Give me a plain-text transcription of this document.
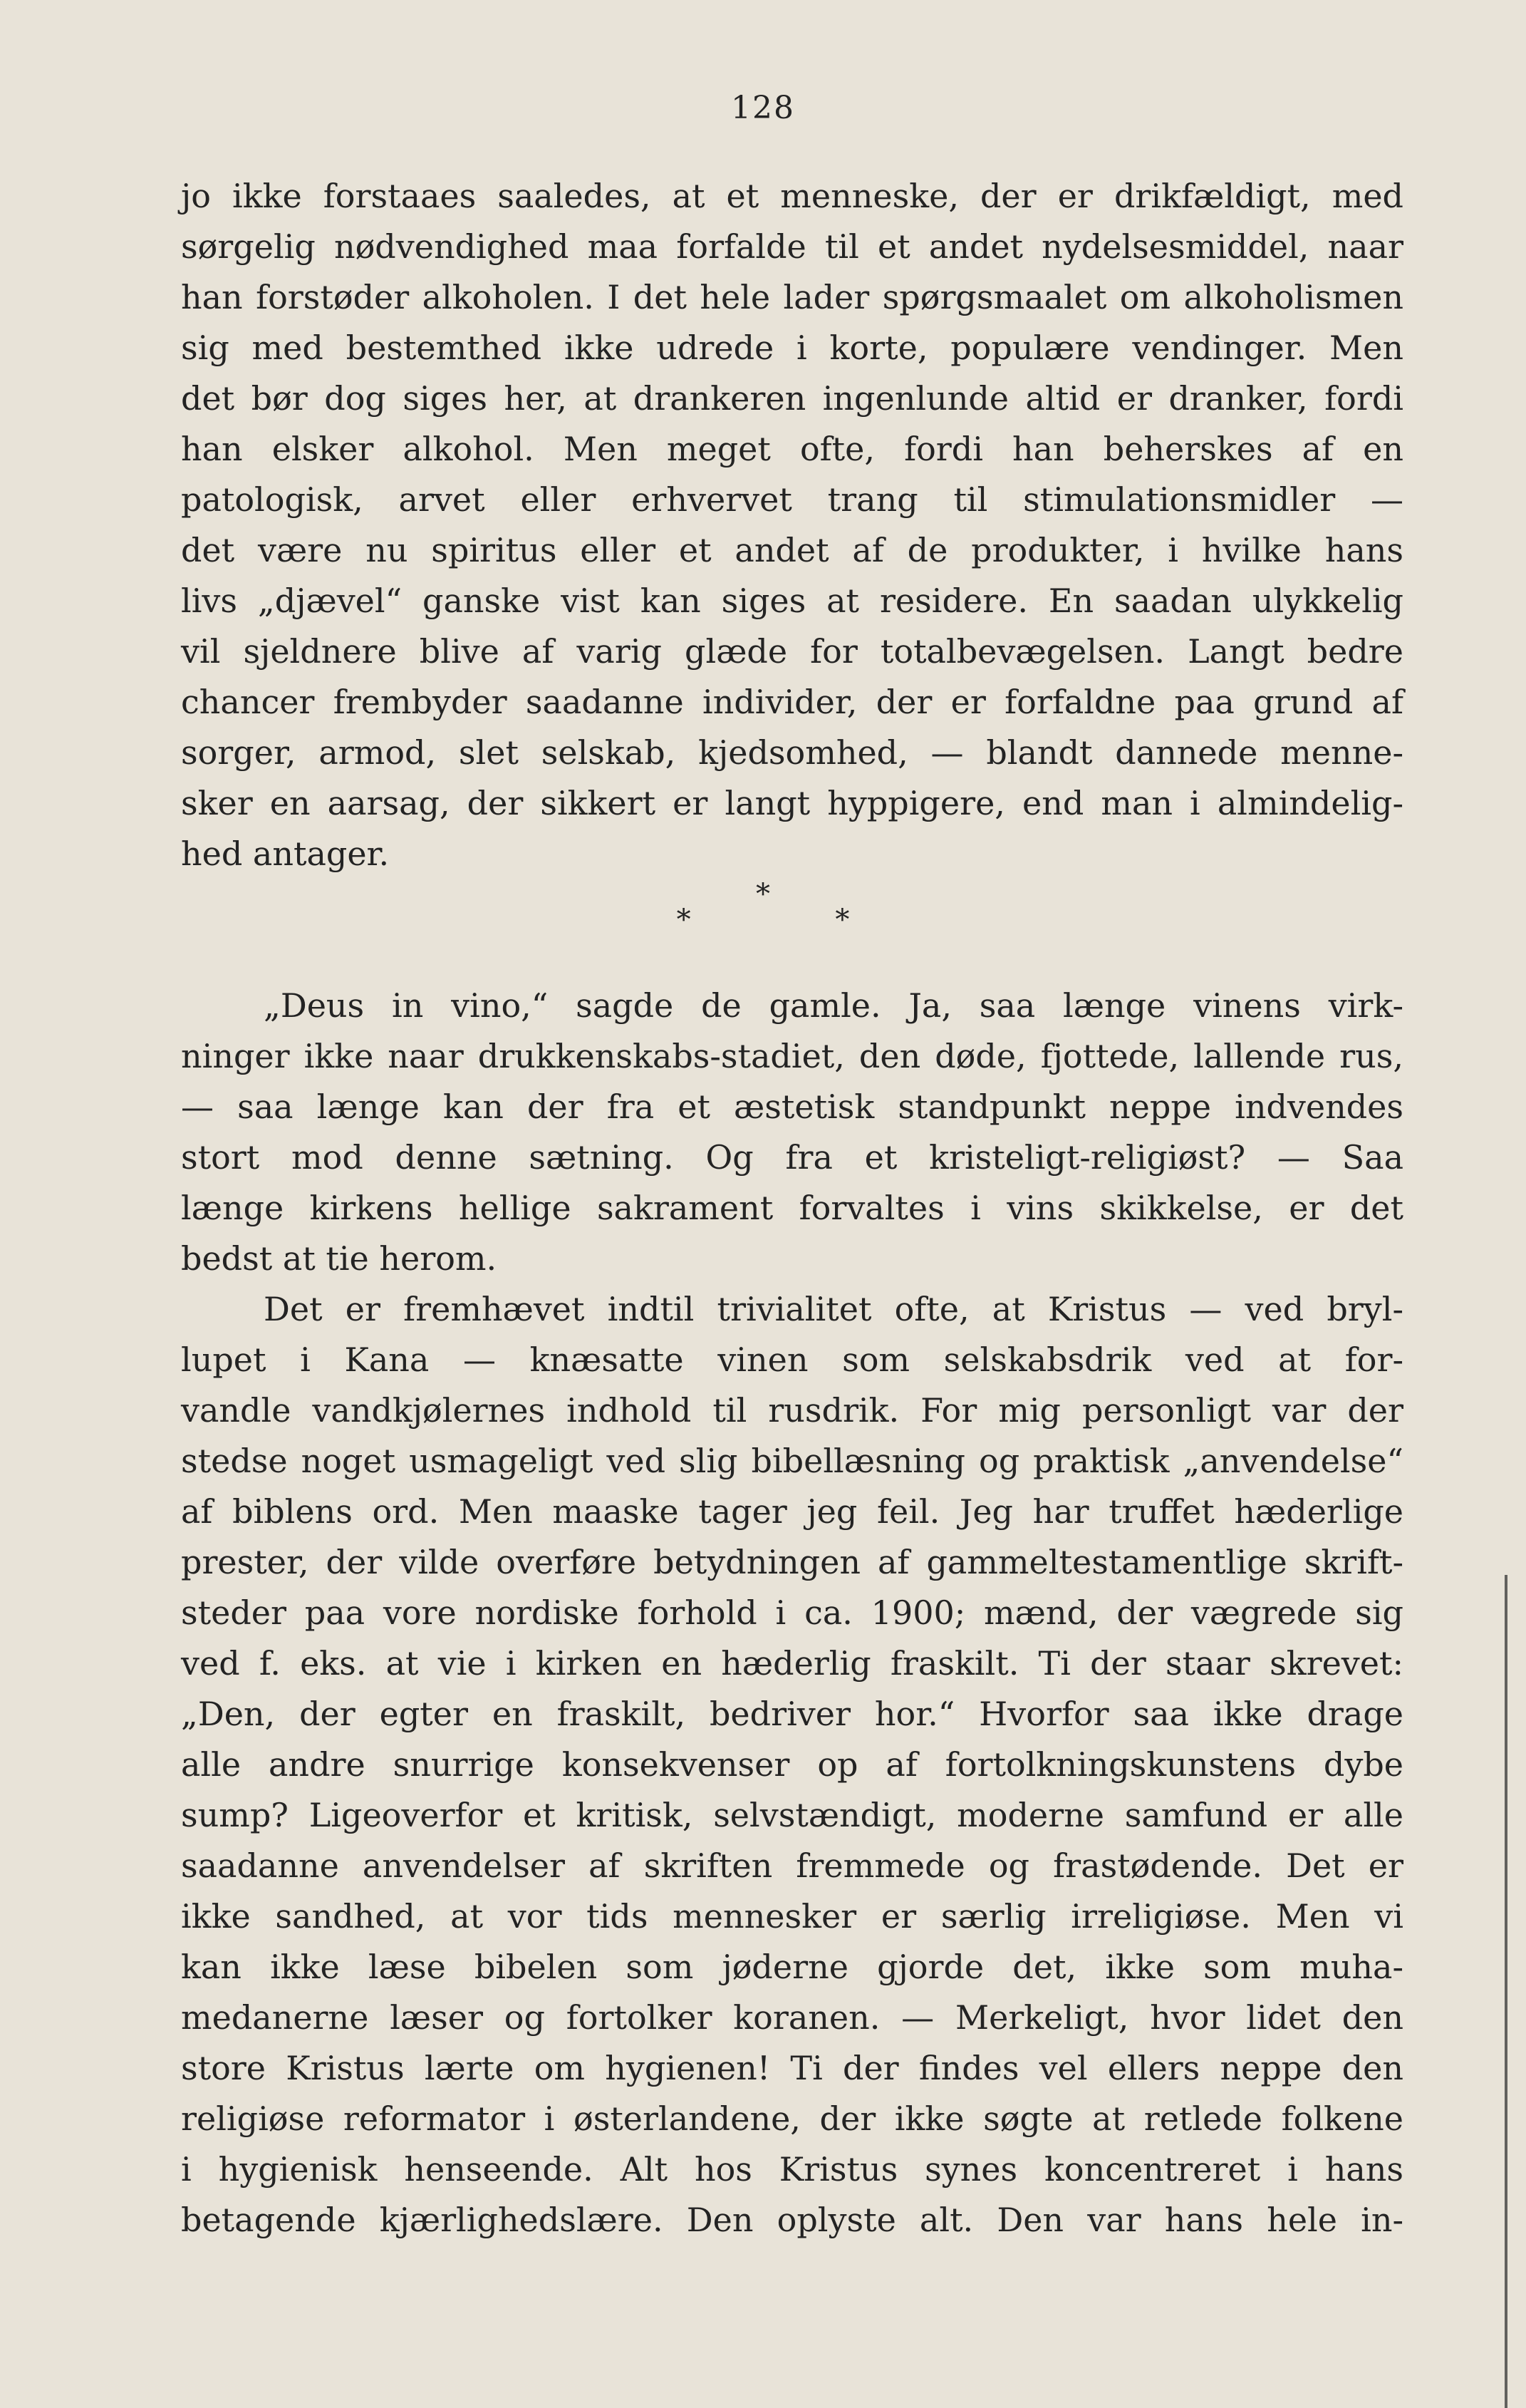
128
jo ikke forstaaes saaledes, at et menneske, der er drikfældigt, med
sørgelig nødvendighed maa forfalde til et andet nydelsesmiddel, naar
han forstøder alkoholen. I det hele lader spørgsmaalet om alkoholismen
sig med bestemthed ikke udrede i korte, populære vendinger. Men
det bør dog siges her, at drankeren ingenlunde altid er dranker, fordi
han elsker alkohol. Men meget ofte, fordi han beherskes af en
patologisk, arvet eller erhvervet trang til stimulationsmidler —
det være nu spiritus eller et andet af de produkter, i hvilke hans
livs „djævel“ ganske vist kan siges at residere. En saadan ulykkelig
vil sjeldnere blive af varig glæde for totalbevægelsen. Langt bedre
chancer frembyder saadanne individer, der er forfaldne paa grund af
sorger, armod, slet selskab, kjedsomhed, — blandt dannede menne-
sker en aarsag, der sikkert er langt hyppigere, end man i almindelig-
hed antager.
*
*	*
„Deus in vino,“ sagde de gamle. Ja, saa længe vinens virk-
ninger ikke naar drukkenskabs-stadiet, den døde, fjottede, lallende rus,
— saa længe kan der fra et æstetisk standpunkt neppe indvendes
stort mod denne sætning. Og fra et kristeligt-religiøst? — Saa
længe kirkens hellige sakrament forvaltes i vins skikkelse, er det
bedst at tie herom.
Det er fremhævet indtil trivialitet ofte, at Kristus — ved bryl-
lupet i Kana — knæsatte vinen som selskabsdrik ved at for-
vandle vandkjølernes indhold til rusdrik. For mig personligt var der
stedse noget usmageligt ved slig bibellæsning og praktisk „anvendelse“
af biblens ord. Men maaske tager jeg feil. Jeg har truffet hæderlige
prester, der vilde overføre betydningen af gammeltestamentlige skrift-
steder paa vore nordiske forhold i ca. 1900; mænd, der vægrede sig
ved f. eks. at vie i kirken en hæderlig fraskilt. Ti der staar skrevet:
„Den, der egter en fraskilt, bedriver hor.“ Hvorfor saa ikke drage
alle andre snurrige konsekvenser op af fortolkningskunstens dybe
sump? Ligeoverfor et kritisk, selvstændigt, moderne samfund er alle
saadanne anvendelser af skriften fremmede og frastødende. Det er
ikke sandhed, at vor tids mennesker er særlig irreligiøse. Men vi
kan ikke læse bibelen som jøderne gjorde det, ikke som muha-
medanerne læser og fortolker koranen. — Merkeligt, hvor lidet den
store Kristus lærte om hygienen! Ti der findes vel ellers neppe den
religiøse reformator i østerlandene, der ikke søgte at retlede folkene
i hygienisk henseende. Alt hos Kristus synes koncentreret i hans
betagende kjærlighedslære. Den oplyste alt. Den var hans hele in-
